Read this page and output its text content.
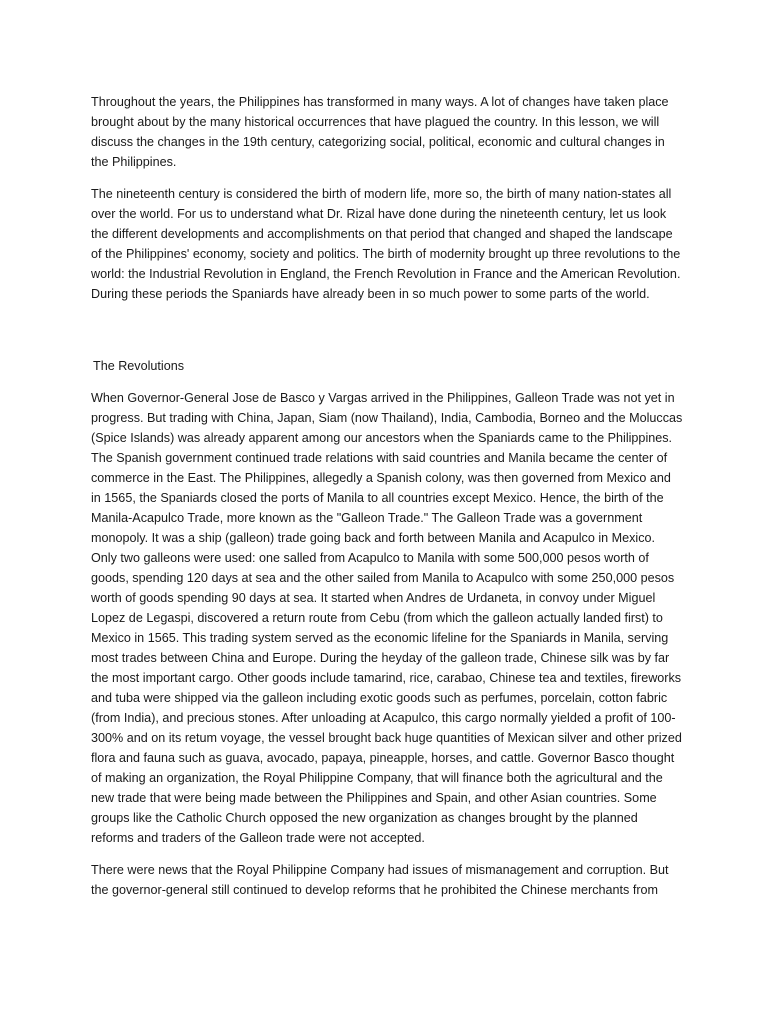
Throughout the years, the Philippines has transformed in many ways. A lot of changes have taken place brought about by the many historical occurrences that have plagued the country. In this lesson, we will discuss the changes in the 19th century, categorizing social, political, economic and cultural changes in the Philippines.

The nineteenth century is considered the birth of modern life, more so, the birth of many nation-states all over the world. For us to understand what Dr. Rizal have done during the nineteenth century, let us look the different developments and accomplishments on that period that changed and shaped the landscape of the Philippines' economy, society and politics. The birth of modernity brought up three revolutions to the world: the Industrial Revolution in England, the French Revolution in France and the American Revolution. During these periods the Spaniards have already been in so much power to some parts of the world.

The Revolutions

When Governor-General Jose de Basco y Vargas arrived in the Philippines, Galleon Trade was not yet in progress. But trading with China, Japan, Siam (now Thailand), India, Cambodia, Borneo and the Moluccas (Spice Islands) was already apparent among our ancestors when the Spaniards came to the Philippines. The Spanish government continued trade relations with said countries and Manila became the center of commerce in the East. The Philippines, allegedly a Spanish colony, was then governed from Mexico and in 1565, the Spaniards closed the ports of Manila to all countries except Mexico. Hence, the birth of the Manila-Acapulco Trade, more known as the "Galleon Trade." The Galleon Trade was a government monopoly. It was a ship (galleon) trade going back and forth between Manila and Acapulco in Mexico. Only two galleons were used: one salled from Acapulco to Manila with some 500,000 pesos worth of goods, spending 120 days at sea and the other sailed from Manila to Acapulco with some 250,000 pesos worth of goods spending 90 days at sea. It started when Andres de Urdaneta, in convoy under Miguel Lopez de Legaspi, discovered a return route from Cebu (from which the galleon actually landed first) to Mexico in 1565. This trading system served as the economic lifeline for the Spaniards in Manila, serving most trades between China and Europe. During the heyday of the galleon trade, Chinese silk was by far the most important cargo. Other goods include tamarind, rice, carabao, Chinese tea and textiles, fireworks and tuba were shipped via the galleon including exotic goods such as perfumes, porcelain, cotton fabric (from India), and precious stones. After unloading at Acapulco, this cargo normally yielded a profit of 100-300% and on its retum voyage, the vessel brought back huge quantities of Mexican silver and other prized flora and fauna such as guava, avocado, papaya, pineapple, horses, and cattle. Governor Basco thought of making an organization, the Royal Philippine Company, that will finance both the agricultural and the new trade that were being made between the Philippines and Spain, and other Asian countries. Some groups like the Catholic Church opposed the new organization as changes brought by the planned reforms and traders of the Galleon trade were not accepted.

There were news that the Royal Philippine Company had issues of mismanagement and corruption. But the governor-general still continued to develop reforms that he prohibited the Chinese merchants from
